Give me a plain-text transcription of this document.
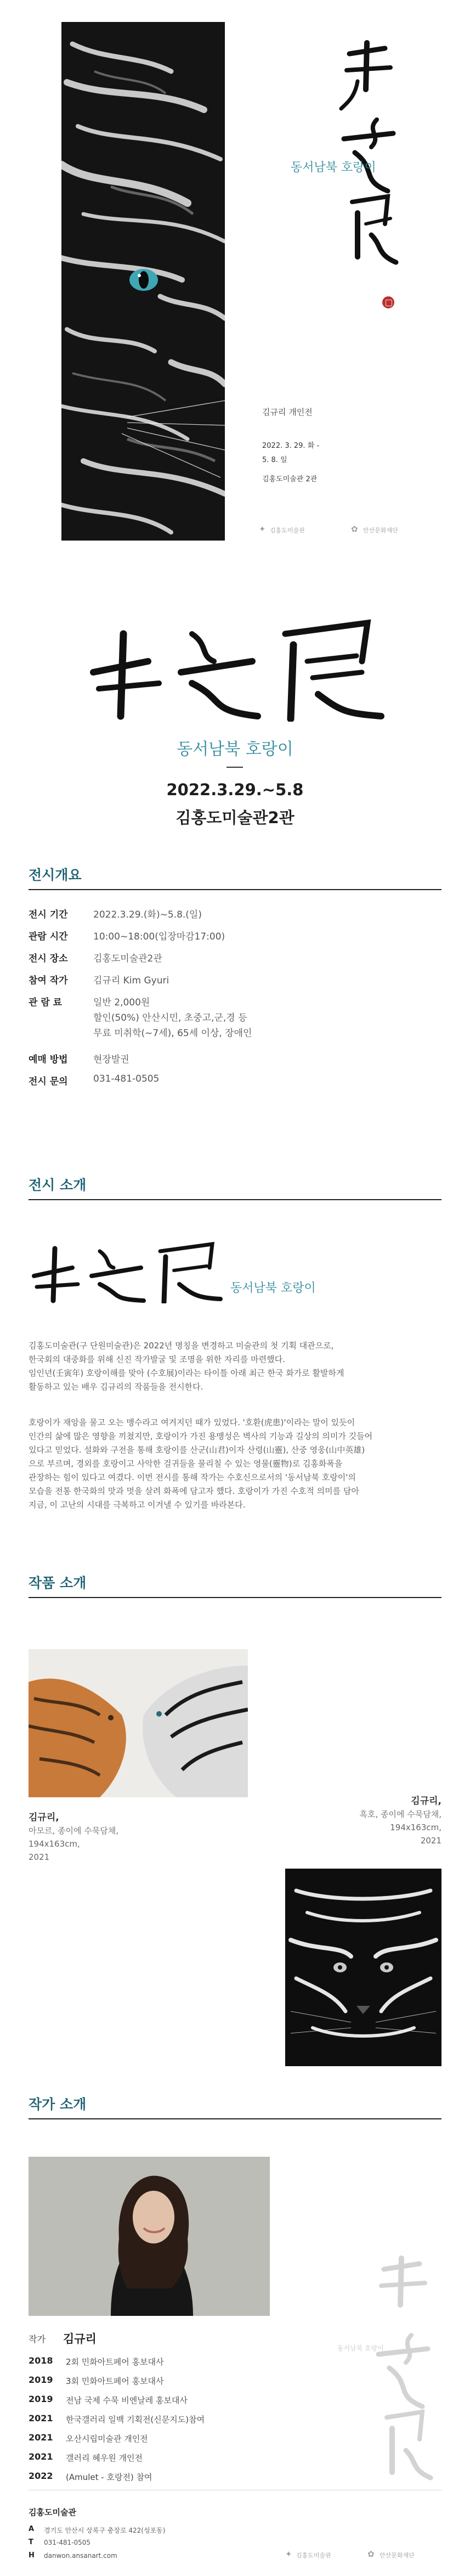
동서남북 호랑이
김규리 개인전
2022. 3. 29. 화 -
5. 8. 일
김홍도미술관 2관
✦ 김홍도미술관	✿ 안산문화재단
동서남북 호랑이
2022.3.29.~5.8
김홍도미술관2관
전시개요
전시 기간	2022.3.29.(화)~5.8.(일)
관람 시간	10:00~18:00(입장마감17:00)
전시 장소	김홍도미술관2관
참여 작가	김규리 Kim Gyuri
관 람 료	일반 2,000원
할인(50%) 안산시민, 초중고,군,경 등
무료 미취학(~7세), 65세 이상, 장애인
예매 방법	현장발권
전시 문의	031-481-0505
전시 소개
동서남북 호랑이
김홍도미술관(구 단원미술관)은 2022년 명칭을 변경하고 미술관의 첫 기획 대관으로,
한국회의 대중화를 위해 신진 작가발굴 및 조명을 위한 자리를 마련했다.
임인년(壬寅年) 호랑이해를 맞아 (수호展)이라는 타이틀 아래 최근 한국 화가로 활발하게
활동하고 있는 배우 김규리의 작품들을 전시한다.
호랑이가 재앙을 물고 오는 맹수라고 여겨지던 때가 있었다. '호환(虎患)'이라는 말이 있듯이
인간의 삶에 많은 영향을 끼쳤지만, 호랑이가 가진 용맹성은 벽사의 기능과 길상의 의미가 깃들어
있다고 믿었다. 설화와 구전을 통해 호랑이를 산군(山君)이자 산령(山靈), 산중 영웅(山中英雄)
으로 부르며, 경외를 호랑이고 사악한 걸귀들을 물리칠 수 있는 영물(靈物)로 김홍화폭을
관장하는 힘이 있다고 여겼다. 이번 전시를 통해 작가는 수호신으로서의 '동서남북 호랑이'의
모습을 전통 한국화의 맛과 멋을 살려 화폭에 담고자 했다. 호랑이가 가진 수호적 의미를 담아
지금, 이 고난의 시대를 극복하고 이겨낼 수 있기를 바라본다.
작품 소개
김규리,
아모르, 종이에 수묵담채,
194x163cm,
2021
김규리,
흑호, 종이에 수묵담채,
194x163cm,
2021
작가 소개
작가 김규리
2018 2회 민화아트페어 홍보대사
2019 3회 민화아트페어 홍보대사
2019 전남 국제 수묵 비엔날레 홍보대사
2021 한국갤러리 일백 기획전(신문지도)참여
2021 오산시립미술관 개인전
2021 갤러리 혜우원 개인전
2022 (Amulet - 호랑전) 참여
동서남북 호랑이
김홍도미술관
A 경기도 안산시 상록구 충장로 422(성포동)
T 031-481-0505
H danwon.ansanart.com	✦ 김홍도미술관	✿ 안산문화재단
